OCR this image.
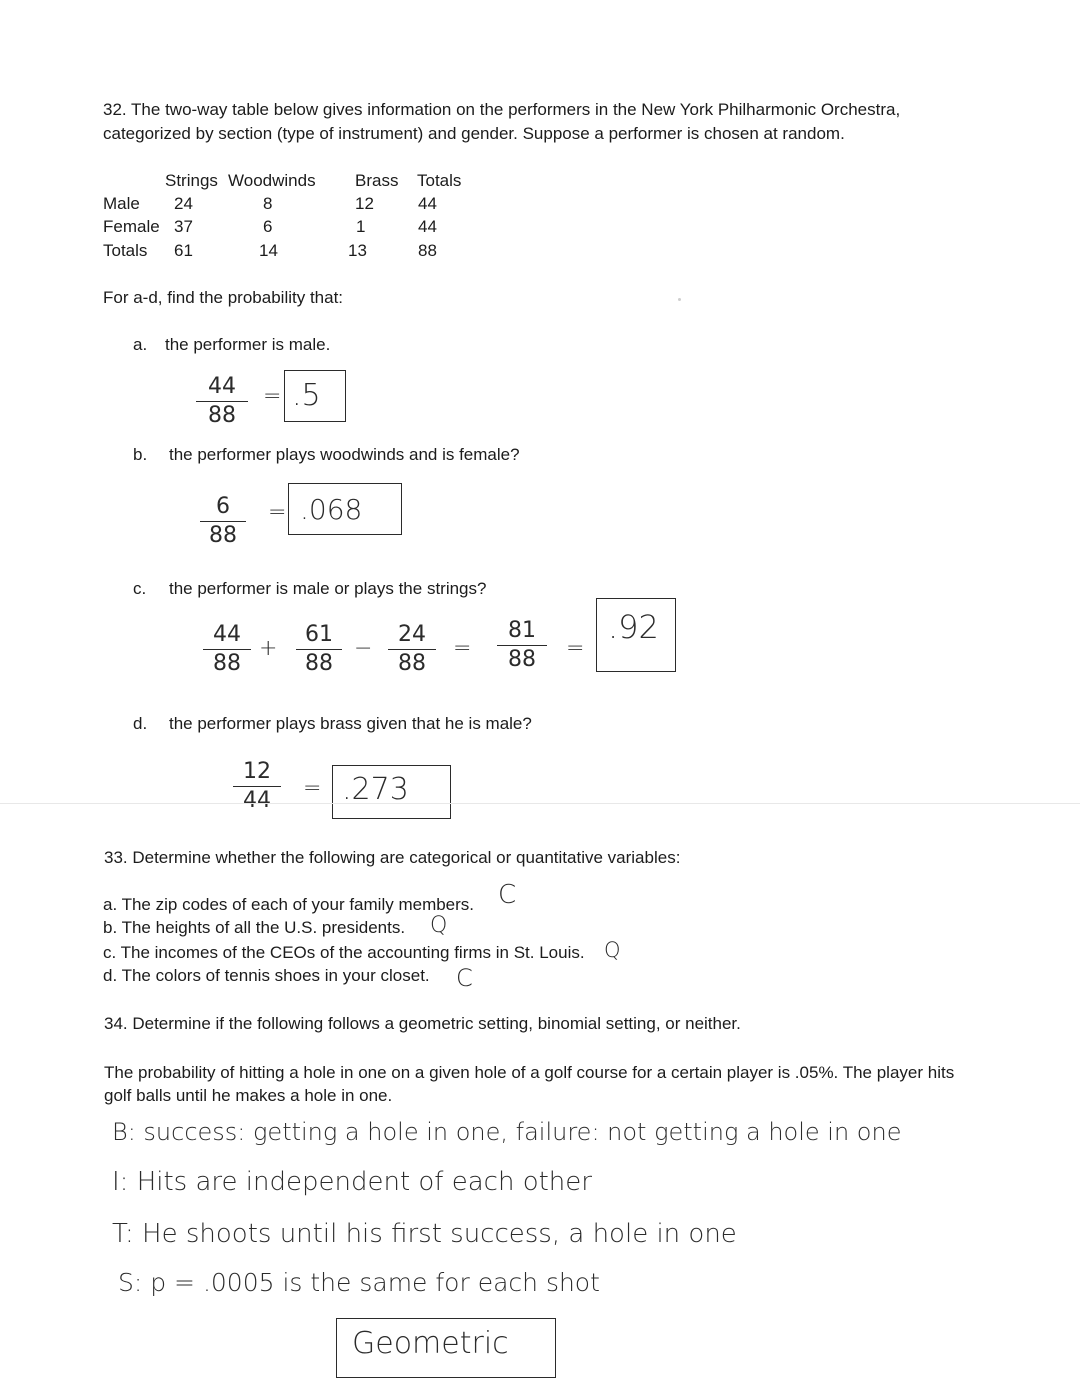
32. The two-way table below gives information on the performers in the New York Philharmonic Orchestra,
categorized by section (type of instrument) and gender. Suppose a performer is chosen at random.
Strings Woodwinds Brass Totals
Male 24	8	12	44
Female 37	6	1	44
Totals 61	14	13	88
For a-d, find the probability that:
a. the performer is male.
44
88
= .5
b. the performer plays woodwinds and is female?
6
88
= .068
c. the performer is male or plays the strings?
44
88
+
61
88
−
24
88
=
81
88	=
.92
d. the performer plays brass given that he is male?
12
44	= .273
33. Determine whether the following are categorical or quantitative variables:
a. The zip codes of each of your family members. C
b. The heights of all the U.S. presidents. Q
c. The incomes of the CEOs of the accounting firms in St. Louis. Q
d. The colors of tennis shoes in your closet. C
34. Determine if the following follows a geometric setting, binomial setting, or neither.
The probability of hitting a hole in one on a given hole of a golf course for a certain player is .05%. The player hits
golf balls until he makes a hole in one.
B: success: getting a hole in one, failure: not getting a hole in one
I: Hits are independent of each other
T: He shoots until his first success, a hole in one
S: p = .0005 is the same for each shot
Geometric
